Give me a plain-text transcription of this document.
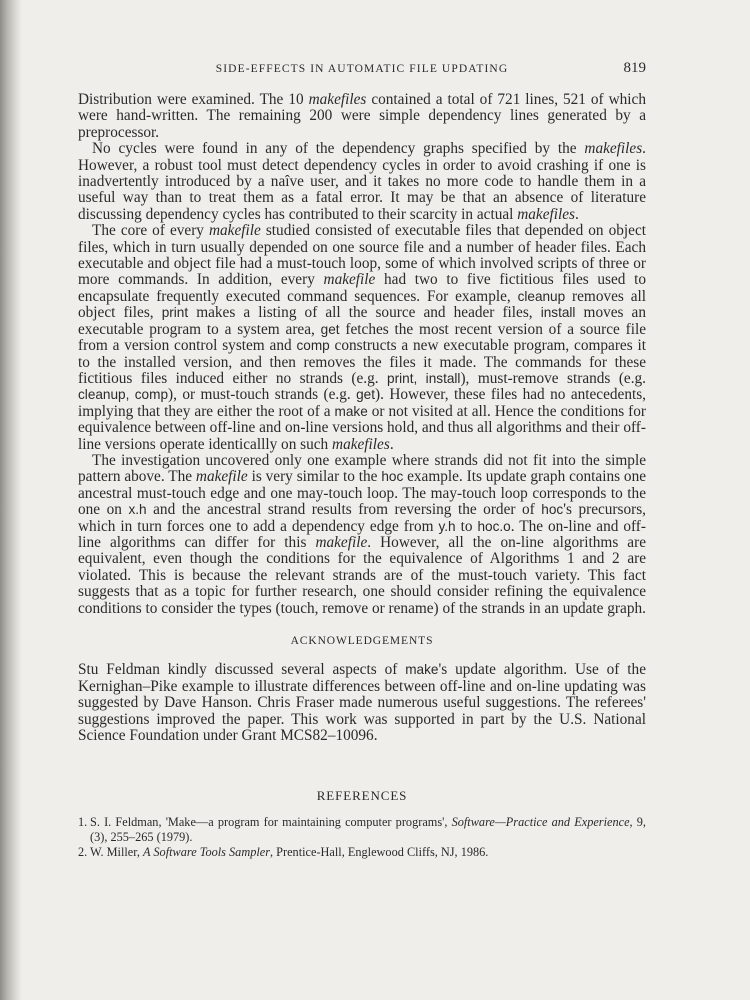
SIDE-EFFECTS IN AUTOMATIC FILE UPDATING	819

Distribution were examined. The 10 makefiles contained a total of 721 lines, 521 of which were hand-written. The remaining 200 were simple dependency lines generated by a preprocessor.

No cycles were found in any of the dependency graphs specified by the makefiles. However, a robust tool must detect dependency cycles in order to avoid crashing if one is inadvertently introduced by a naîve user, and it takes no more code to handle them in a useful way than to treat them as a fatal error. It may be that an absence of literature discussing dependency cycles has contributed to their scarcity in actual makefiles.

The core of every makefile studied consisted of executable files that depended on object files, which in turn usually depended on one source file and a number of header files. Each executable and object file had a must-touch loop, some of which involved scripts of three or more commands. In addition, every makefile had two to five fictitious files used to encapsulate frequently executed command sequences. For example, cleanup removes all object files, print makes a listing of all the source and header files, install moves an executable program to a system area, get fetches the most recent version of a source file from a version control system and comp constructs a new executable program, compares it to the installed version, and then removes the files it made. The commands for these fictitious files induced either no strands (e.g. print, install), must-remove strands (e.g. cleanup, comp), or must-touch strands (e.g. get). However, these files had no antecedents, implying that they are either the root of a make or not visited at all. Hence the conditions for equivalence between off-line and on-line versions hold, and thus all algorithms and their off-line versions operate identicallly on such makefiles.

The investigation uncovered only one example where strands did not fit into the simple pattern above. The makefile is very similar to the hoc example. Its update graph contains one ancestral must-touch edge and one may-touch loop. The may-touch loop corresponds to the one on x.h and the ancestral strand results from reversing the order of hoc's precursors, which in turn forces one to add a dependency edge from y.h to hoc.o. The on-line and off-line algorithms can differ for this makefile. However, all the on-line algorithms are equivalent, even though the conditions for the equivalence of Algorithms 1 and 2 are violated. This is because the relevant strands are of the must-touch variety. This fact suggests that as a topic for further research, one should consider refining the equivalence conditions to consider the types (touch, remove or rename) of the strands in an update graph.

ACKNOWLEDGEMENTS

Stu Feldman kindly discussed several aspects of make's update algorithm. Use of the Kernighan–Pike example to illustrate differences between off-line and on-line updating was suggested by Dave Hanson. Chris Fraser made numerous useful suggestions. The referees' suggestions improved the paper. This work was supported in part by the U.S. National Science Foundation under Grant MCS82–10096.

REFERENCES
1. S. I. Feldman, 'Make—a program for maintaining computer programs', Software—Practice and Experience, 9, (3), 255–265 (1979).
2. W. Miller, A Software Tools Sampler, Prentice-Hall, Englewood Cliffs, NJ, 1986.
